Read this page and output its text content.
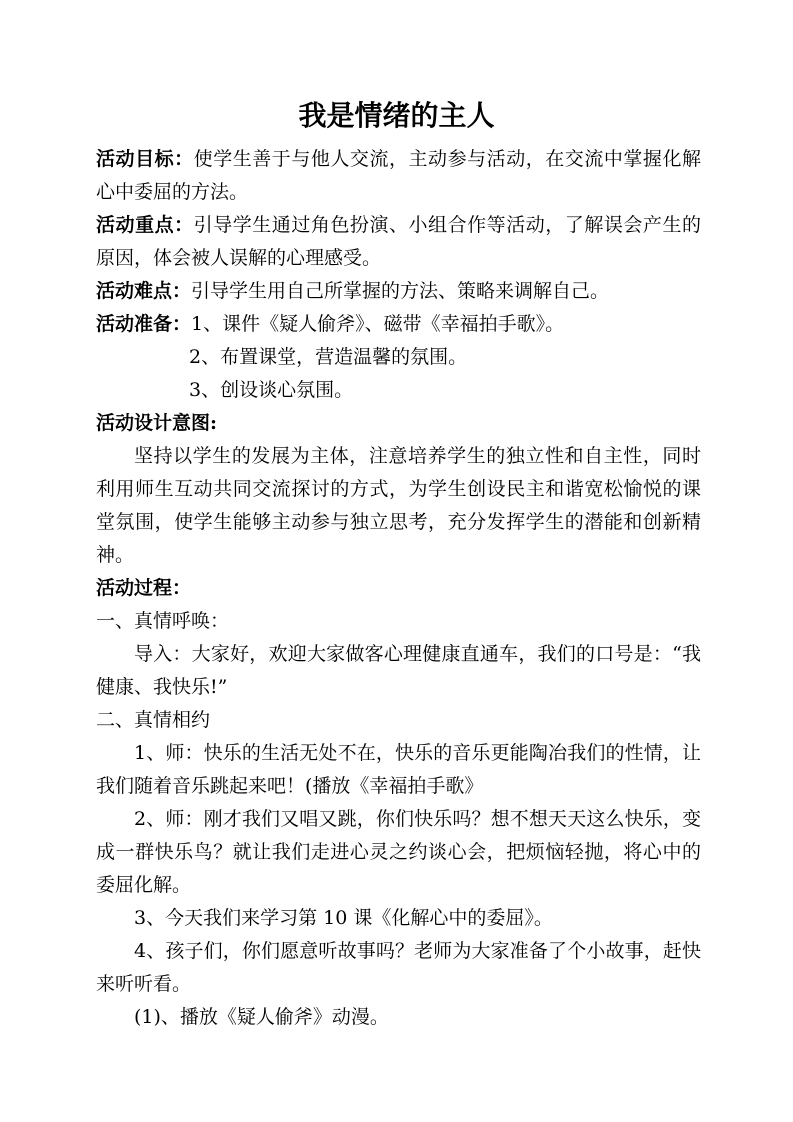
我是情绪的主人

活动目标：使学生善于与他人交流，主动参与活动，在交流中掌握化解心中委屈的方法。

活动重点：引导学生通过角色扮演、小组合作等活动，了解误会产生的原因，体会被人误解的心理感受。

活动难点：引导学生用自己所掌握的方法、策略来调解自己。

活动准备：1、课件《疑人偷斧》、磁带《幸福拍手歌》。

2、布置课堂，营造温馨的氛围。

3、创设谈心氛围。

活动设计意图:

坚持以学生的发展为主体，注意培养学生的独立性和自主性，同时利用师生互动共同交流探讨的方式，为学生创设民主和谐宽松愉悦的课堂氛围，使学生能够主动参与独立思考，充分发挥学生的潜能和创新精神。

活动过程：

一、真情呼唤：

导入：大家好，欢迎大家做客心理健康直通车，我们的口号是：“我健康、我快乐!”

二、真情相约

1、师：快乐的生活无处不在，快乐的音乐更能陶冶我们的性情，让我们随着音乐跳起来吧！(播放《幸福拍手歌》

2、师：刚才我们又唱又跳，你们快乐吗？想不想天天这么快乐，变成一群快乐鸟？就让我们走进心灵之约谈心会，把烦恼轻抛，将心中的委屈化解。

3、今天我们来学习第 10 课《化解心中的委屈》。

4、孩子们，你们愿意听故事吗？老师为大家准备了个小故事，赶快来听听看。

(1)、播放《疑人偷斧》动漫。
